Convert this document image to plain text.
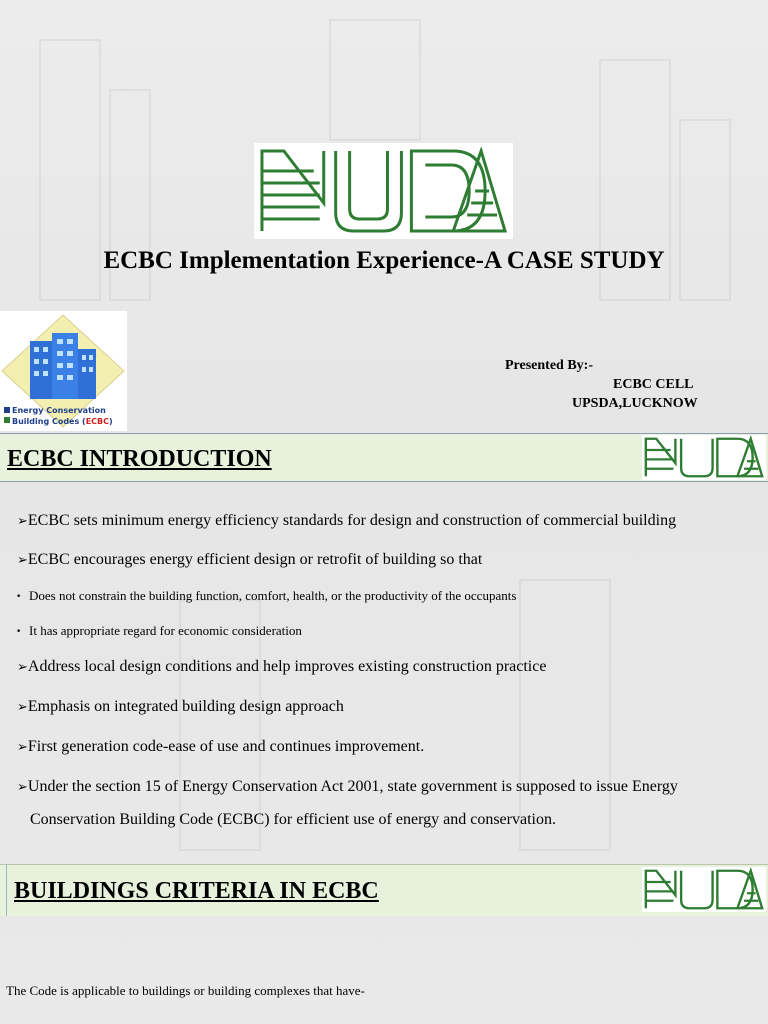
ECBC Implementation Experience-A CASE STUDY
Energy Conservation
Building Codes (ECBC)
Presented By:-
ECBC CELL
UPSDA,LUCKNOW
ECBC INTRODUCTION
➢ECBC sets minimum energy efficiency standards for design and construction of commercial building
➢ECBC encourages energy efficient design or retrofit of building so that
• Does not constrain the building function, comfort, health, or the productivity of the occupants
• It has appropriate regard for economic consideration
➢Address local design conditions and help improves existing construction practice
➢Emphasis on integrated building design approach
➢First generation code-ease of use and continues improvement.
➢Under the section 15 of Energy Conservation Act 2001, state government is supposed to issue Energy
Conservation Building Code (ECBC) for efficient use of energy and conservation.
BUILDINGS CRITERIA IN ECBC
The Code is applicable to buildings or building complexes that have-
